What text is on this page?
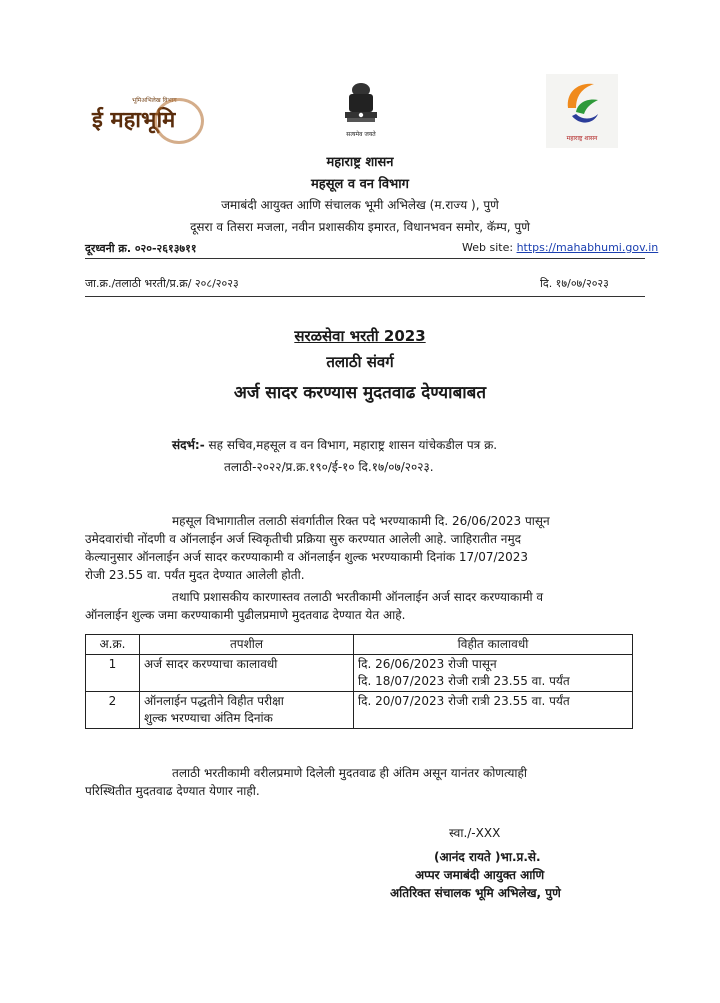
भूमिअभिलेख विभाग
ई महाभूमि
सत्यमेव जयते
महाराष्ट्र शासन
महाराष्ट्र शासन
महसूल व वन विभाग
जमाबंदी आयुक्त आणि संचालक भूमी अभिलेख (म.राज्य ), पुणे
दूसरा व तिसरा मजला, नवीन प्रशासकीय इमारत, विधानभवन समोर, कॅम्प, पुणे
दूरध्वनी क्र. ०२०-२६१३७११	Web site: https://mahabhumi.gov.in
जा.क्र./तलाठी भरती/प्र.क्र/ २०८/२०२३	दि. १७/०७/२०२३
सरळसेवा भरती 2023
तलाठी संवर्ग
अर्ज सादर करण्यास मुदतवाढ देण्याबाबत
संदर्भ:- सह सचिव,महसूल व वन विभाग, महाराष्ट्र शासन यांचेकडील पत्र क्र.
तलाठी-२०२२/प्र.क्र.१९०/ई-१० दि.१७/०७/२०२३.
महसूल विभागातील तलाठी संवर्गातील रिक्त पदे भरण्याकामी दि. 26/06/2023 पासून
उमेदवारांची नोंदणी व ऑनलाईन अर्ज स्विकृतीची प्रक्रिया सुरु करण्यात आलेली आहे. जाहिरातीत नमुद
केल्यानुसार ऑनलाईन अर्ज सादर करण्याकामी व ऑनलाईन शुल्क भरण्याकामी दिनांक 17/07/2023
रोजी 23.55 वा. पर्यंत मुदत देण्यात आलेली होती.
तथापि प्रशासकीय कारणास्तव तलाठी भरतीकामी ऑनलाईन अर्ज सादर करण्याकामी व
ऑनलाईन शुल्क जमा करण्याकामी पुढीलप्रमाणे मुदतवाढ देण्यात येत आहे.
अ.क्र.	तपशील	विहीत कालावधी
1	अर्ज सादर करण्याचा कालावधी	दि. 26/06/2023 रोजी पासून
दि. 18/07/2023 रोजी रात्री 23.55 वा. पर्यंत

2	ऑनलाईन पद्धतीने विहीत परीक्षा
शुल्क भरण्याचा अंतिम दिनांक	दि. 20/07/2023 रोजी रात्री 23.55 वा. पर्यंत
तलाठी भरतीकामी वरीलप्रमाणे दिलेली मुदतवाढ ही अंतिम असून यानंतर कोणत्याही
परिस्थितीत मुदतवाढ देण्यात येणार नाही.
स्वा./-XXX
(आनंद रायते )भा.प्र.से.
अप्पर जमाबंदी आयुक्त आणि
अतिरिक्त संचालक भूमि अभिलेख, पुणे
